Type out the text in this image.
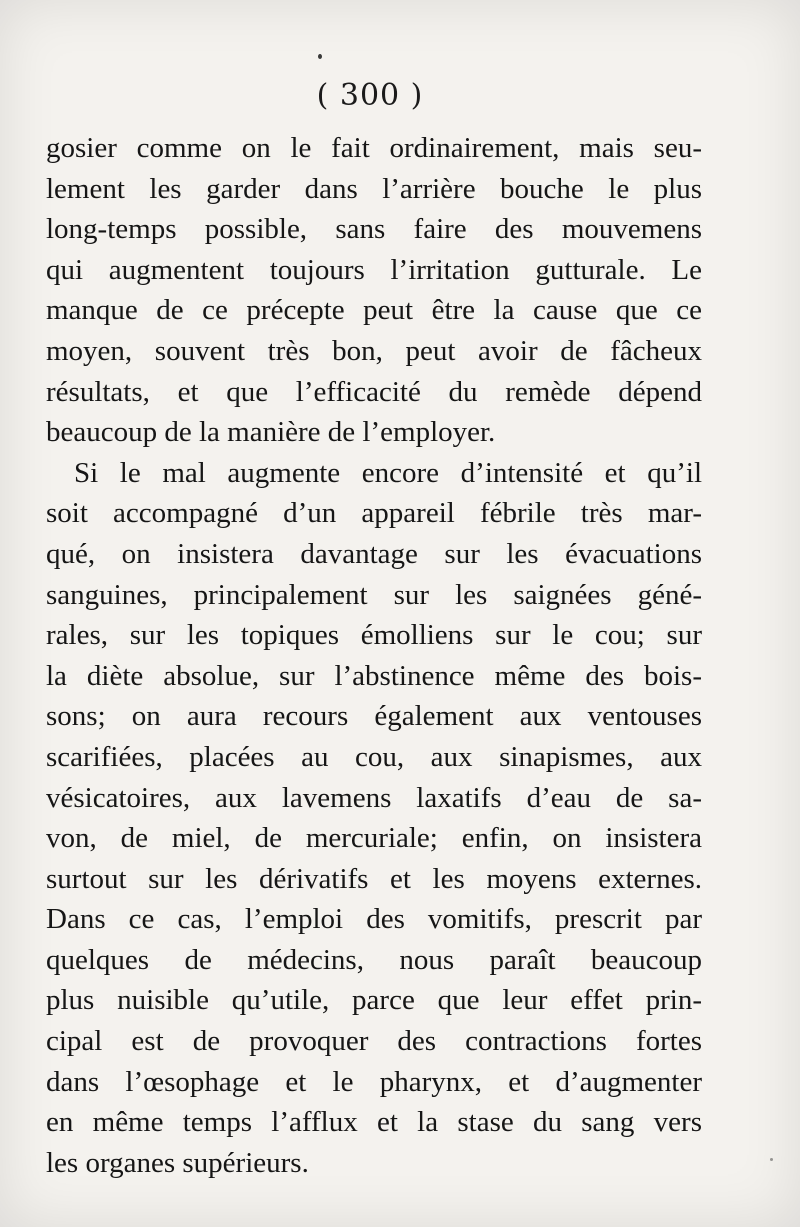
( 300 )
gosier comme on le fait ordinairement, mais seu-
lement les garder dans l’arrière bouche le plus
long-temps possible, sans faire des mouvemens
qui augmentent toujours l’irritation gutturale. Le
manque de ce précepte peut être la cause que ce
moyen, souvent très bon, peut avoir de fâcheux
résultats, et que l’efficacité du remède dépend
beaucoup de la manière de l’employer.
Si le mal augmente encore d’intensité et qu’il
soit accompagné d’un appareil fébrile très mar-
qué, on insistera davantage sur les évacuations
sanguines, principalement sur les saignées géné-
rales, sur les topiques émolliens sur le cou; sur
la diète absolue, sur l’abstinence même des bois-
sons; on aura recours également aux ventouses
scarifiées, placées au cou, aux sinapismes, aux
vésicatoires, aux lavemens laxatifs d’eau de sa-
von, de miel, de mercuriale; enfin, on insistera
surtout sur les dérivatifs et les moyens externes.
Dans ce cas, l’emploi des vomitifs, prescrit par
quelques de médecins, nous paraît beaucoup
plus nuisible qu’utile, parce que leur effet prin-
cipal est de provoquer des contractions fortes
dans l’œsophage et le pharynx, et d’augmenter
en même temps l’afflux et la stase du sang vers
les organes supérieurs.
